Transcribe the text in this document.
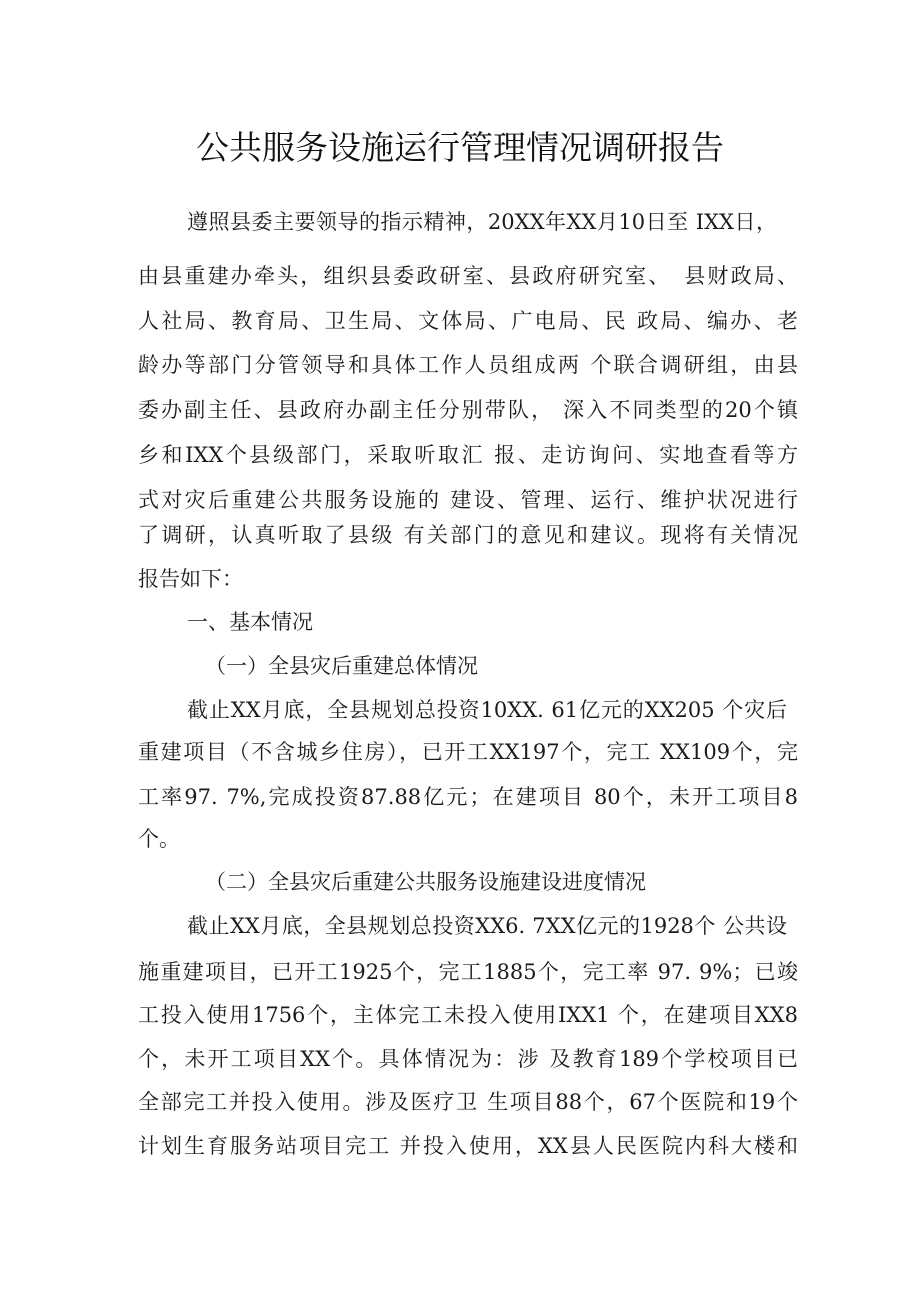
公共服务设施运行管理情况调研报告
遵照县委主要领导的指示精神，20XX年XX月10日至 IXX日，
由县重建办牵头，组织县委政研室、县政府研究室、　县财政局、
人社局、教育局、卫生局、文体局、广电局、民 政局、编办、老
龄办等部门分管领导和具体工作人员组成两 个联合调研组，由县
委办副主任、县政府办副主任分别带队， 深入不同类型的20个镇
乡和IXX个县级部门，采取听取汇 报、走访询问、实地查看等方
式对灾后重建公共服务设施的 建设、管理、运行、维护状况进行
了调研，认真听取了县级 有关部门的意见和建议。现将有关情况
报告如下：
一、基本情况
（一）全县灾后重建总体情况
截止XX月底，全县规划总投资10XX. 61亿元的XX205 个灾后
重建项目（不含城乡住房），已开工XX197个，完工 XX109个，完
工率97. 7%,完成投资87.88亿元；在建项目 80个，未开工项目8
个。
（二）全县灾后重建公共服务设施建设进度情况
截止XX月底，全县规划总投资XX6. 7XX亿元的1928个 公共设
施重建项目，已开工1925个，完工1885个，完工率 97. 9%；已竣
工投入使用1756个，主体完工未投入使用IXX1 个，在建项目XX8
个，未开工项目XX个。具体情况为：涉 及教育189个学校项目已
全部完工并投入使用。涉及医疗卫 生项目88个，67个医院和19个
计划生育服务站项目完工 并投入使用，XX县人民医院内科大楼和
